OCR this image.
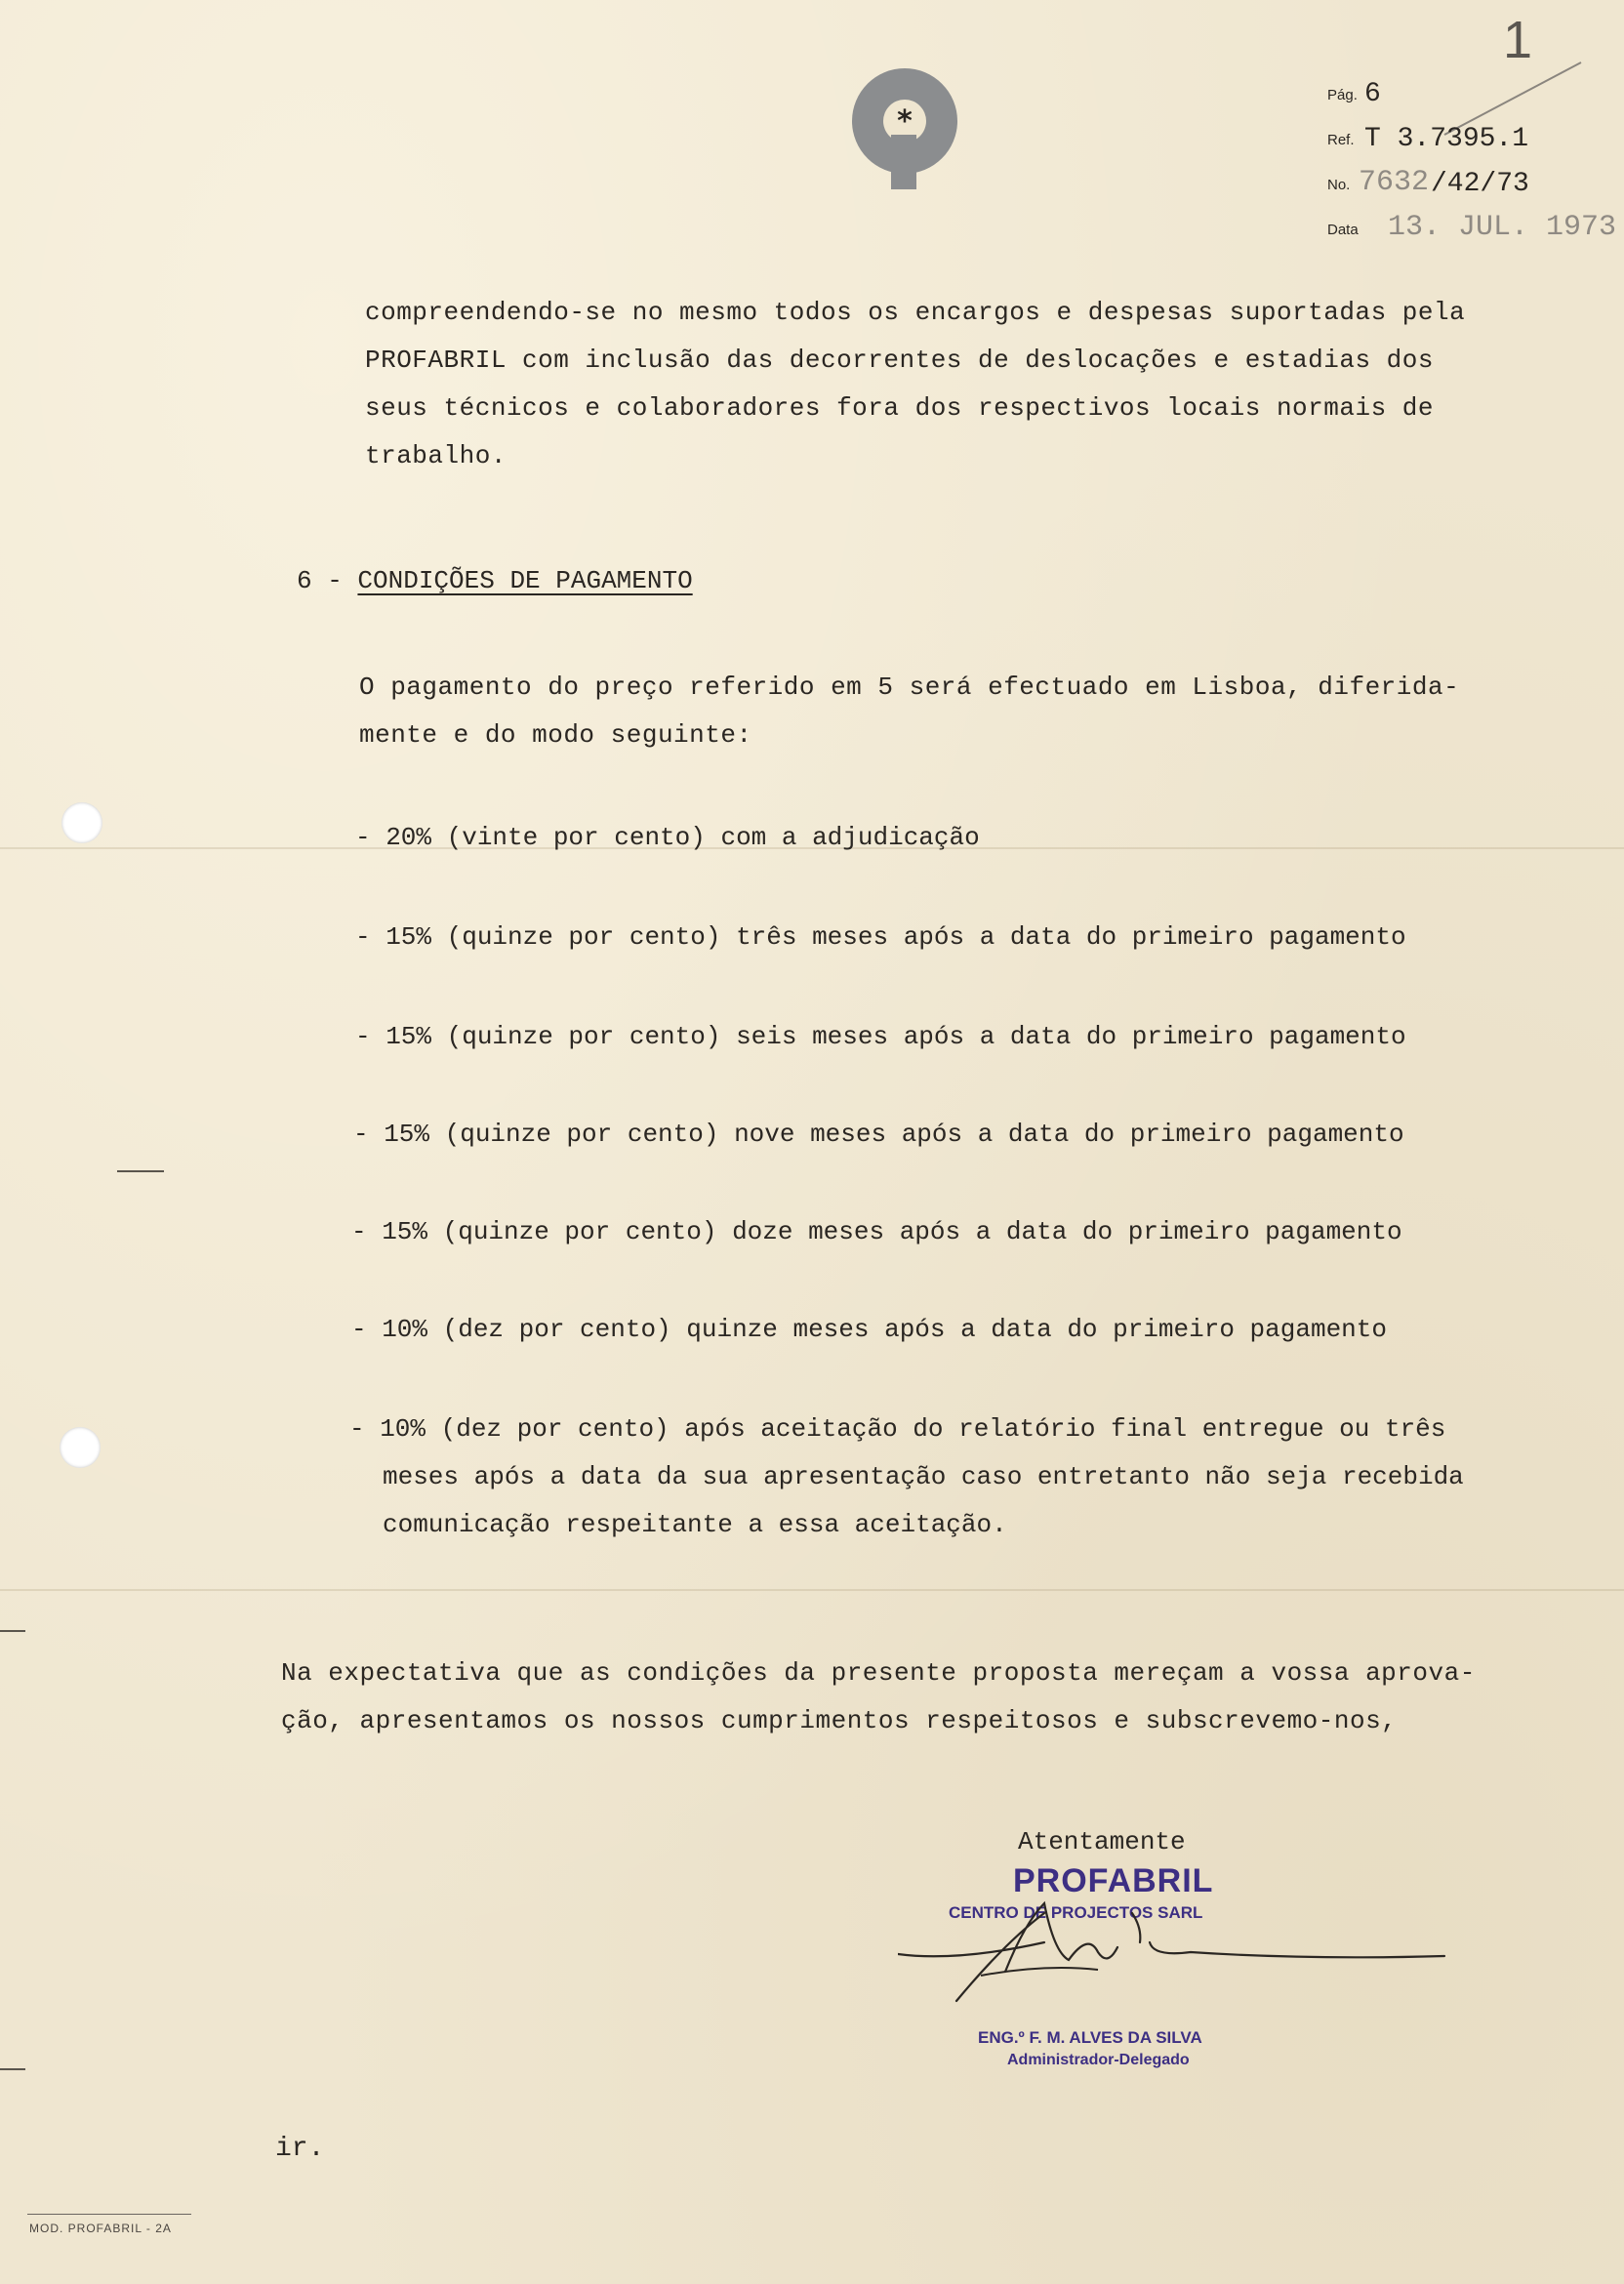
*
1
Pág. 6
Ref. T 3.7395.1
No. 7632 /42/73
Data 13. JUL. 1973
compreendendo-se no mesmo todos os encargos e despesas suportadas pela
PROFABRIL com inclusão das decorrentes de deslocações e estadias dos
seus técnicos e colaboradores fora dos respectivos locais normais de
trabalho.
6 - CONDIÇÕES DE PAGAMENTO
O pagamento do preço referido em 5 será efectuado em Lisboa, diferida-
mente e do modo seguinte:
- 20% (vinte por cento) com a adjudicação
- 15% (quinze por cento) três meses após a data do primeiro pagamento
- 15% (quinze por cento) seis meses após a data do primeiro pagamento
- 15% (quinze por cento) nove meses após a data do primeiro pagamento
- 15% (quinze por cento) doze meses após a data do primeiro pagamento
- 10% (dez por cento) quinze meses após a data do primeiro pagamento
- 10% (dez por cento) após aceitação do relatório final entregue ou três
meses após a data da sua apresentação caso entretanto não seja recebida
comunicação respeitante a essa aceitação.
Na expectativa que as condições da presente proposta mereçam a vossa aprova-
ção, apresentamos os nossos cumprimentos respeitosos e subscrevemo-nos,
Atentamente
PROFABRIL
CENTRO DE PROJECTOS SARL
ENG.º F. M. ALVES DA SILVA
Administrador-Delegado
ir.
MOD. PROFABRIL - 2A
